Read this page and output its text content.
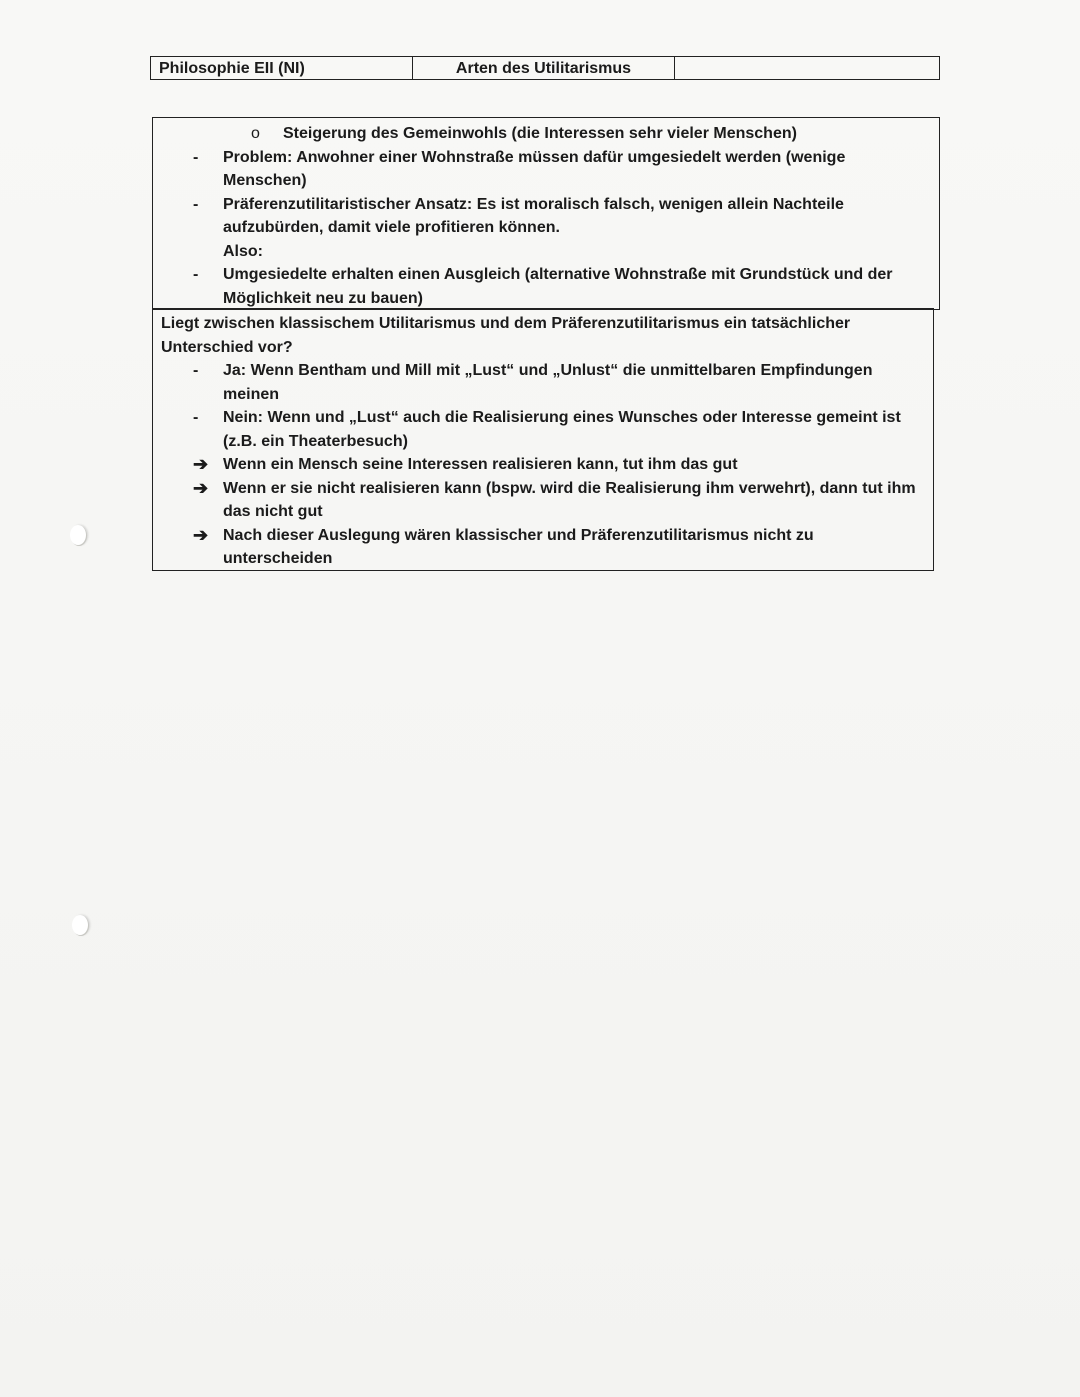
Philosophie EII (NI)	Arten des Utilitarismus
o	Steigerung des Gemeinwohls (die Interessen sehr vieler Menschen)
-	Problem: Anwohner einer Wohnstraße müssen dafür umgesiedelt werden (wenige Menschen)
-	Präferenzutilitaristischer Ansatz: Es ist moralisch falsch, wenigen allein Nachteile aufzubürden, damit viele profitieren können.
Also:
-	Umgesiedelte erhalten einen Ausgleich (alternative Wohnstraße mit Grundstück und der Möglichkeit neu zu bauen)
Liegt zwischen klassischem Utilitarismus und dem Präferenzutilitarismus ein tatsächlicher Unterschied vor?
-	Ja: Wenn Bentham und Mill mit „Lust“ und „Unlust“ die unmittelbaren Empfindungen meinen
-	Nein: Wenn und „Lust“ auch die Realisierung eines Wunsches oder Interesse gemeint ist (z.B. ein Theaterbesuch)
➔ Wenn ein Mensch seine Interessen realisieren kann, tut ihm das gut
➔ Wenn er sie nicht realisieren kann (bspw. wird die Realisierung ihm verwehrt), dann tut ihm das nicht gut
➔ Nach dieser Auslegung wären klassischer und Präferenzutilitarismus nicht zu unterscheiden
